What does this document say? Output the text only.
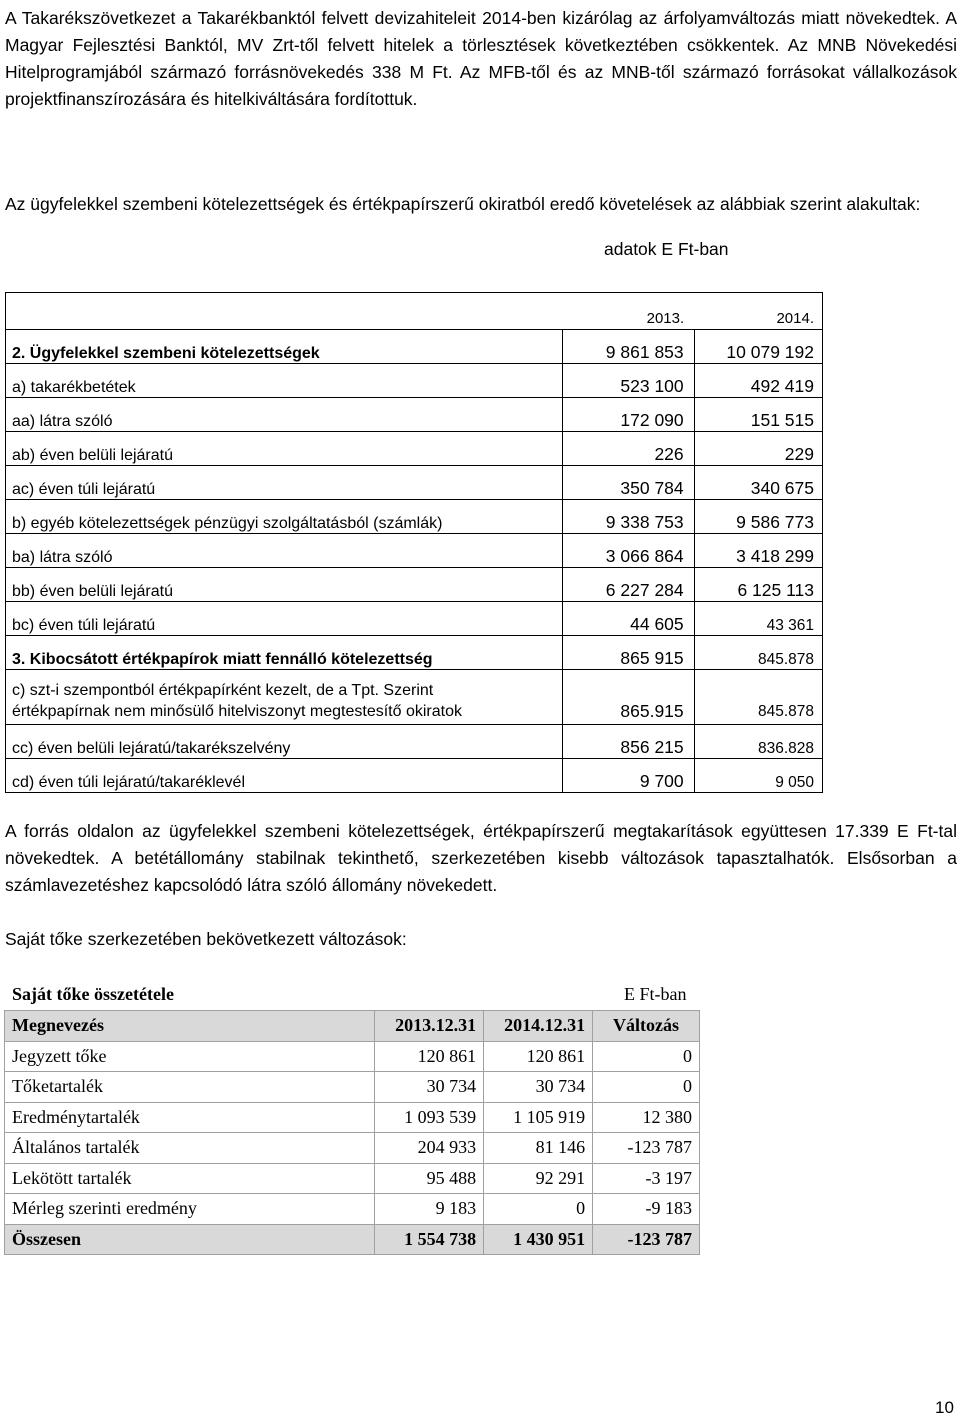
A Takarékszövetkezet a Takarékbanktól felvett devizahiteleit 2014-ben kizárólag az árfolyamváltozás miatt növekedtek. A Magyar Fejlesztési Banktól, MV Zrt-től felvett hitelek a törlesztések következtében csökkentek. Az MNB Növekedési Hitelprogramjából származó forrásnövekedés 338 M Ft. Az MFB-től és az MNB-től származó forrásokat vállalkozások projektfinanszírozására és hitelkiváltására fordítottuk.

Az ügyfelekkel szembeni kötelezettségek és értékpapírszerű okiratból eredő követelések az alábbiak szerint alakultak:

adatok E Ft-ban
	2013.	2014.
2. Ügyfelekkel szembeni kötelezettségek	9 861 853	10 079 192
a) takarékbetétek	523 100	492 419
aa) látra szóló	172 090	151 515
ab) éven belüli lejáratú	226	229
ac) éven túli lejáratú	350 784	340 675
b) egyéb kötelezettségek pénzügyi szolgáltatásból (számlák)	9 338 753	9 586 773
ba) látra szóló	3 066 864	3 418 299
bb) éven belüli lejáratú	6 227 284	6 125 113
bc) éven túli lejáratú	44 605	43 361
3. Kibocsátott értékpapírok miatt fennálló kötelezettség	865 915	845.878
c) szt-i szempontból értékpapírként kezelt, de a Tpt. Szerint
értékpapírnak nem minősülő hitelviszonyt megtestesítő okiratok	865.915	845.878
cc) éven belüli lejáratú/takarékszelvény	856 215	836.828
cd) éven túli lejáratú/takaréklevél	9 700	9 050

A forrás oldalon az ügyfelekkel szembeni kötelezettségek, értékpapírszerű megtakarítások együttesen 17.339 E Ft-tal növekedtek. A betétállomány stabilnak tekinthető, szerkezetében kisebb változások tapasztalhatók. Elsősorban a számlavezetéshez kapcsolódó látra szóló állomány növekedett.

Saját tőke szerkezetében bekövetkezett változások:

Saját tőke összetétele	E Ft-ban
Megnevezés	2013.12.31	2014.12.31	Változás
Jegyzett tőke	120 861	120 861	0
Tőketartalék	30 734	30 734	0
Eredménytartalék	1 093 539	1 105 919	12 380
Általános tartalék	204 933	81 146	-123 787
Lekötött tartalék	95 488	92 291	-3 197
Mérleg szerinti eredmény	9 183	0	-9 183
Összesen	1 554 738	1 430 951	-123 787
10
